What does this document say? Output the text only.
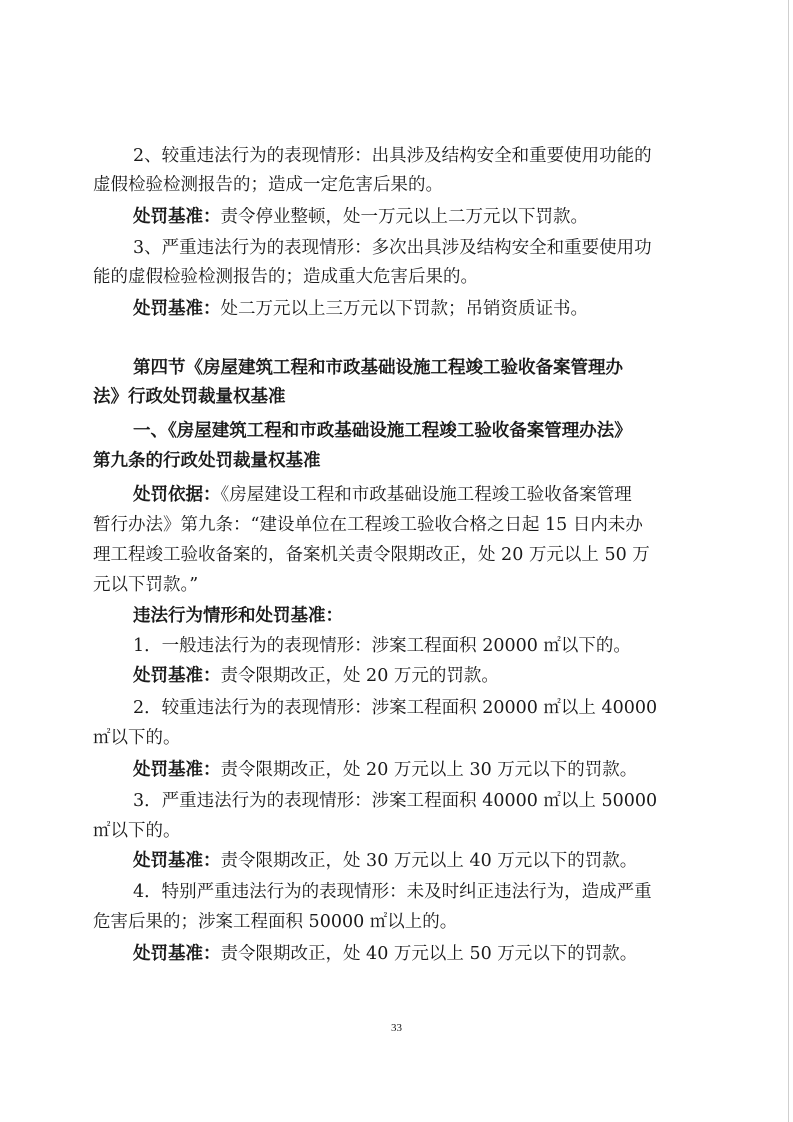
2、较重违法行为的表现情形：出具涉及结构安全和重要使用功能的
虚假检验检测报告的；造成一定危害后果的。
处罚基准：责令停业整顿，处一万元以上二万元以下罚款。
3、严重违法行为的表现情形：多次出具涉及结构安全和重要使用功
能的虚假检验检测报告的；造成重大危害后果的。
处罚基准：处二万元以上三万元以下罚款；吊销资质证书。
第四节《房屋建筑工程和市政基础设施工程竣工验收备案管理办
法》行政处罚裁量权基准
一、《房屋建筑工程和市政基础设施工程竣工验收备案管理办法》
第九条的行政处罚裁量权基准
处罚依据：《房屋建设工程和市政基础设施工程竣工验收备案管理
暂行办法》第九条：“建设单位在工程竣工验收合格之日起 15 日内未办
理工程竣工验收备案的，备案机关责令限期改正，处 20 万元以上 50 万
元以下罚款。”
违法行为情形和处罚基准：
1．一般违法行为的表现情形：涉案工程面积 20000 ㎡以下的。
处罚基准：责令限期改正，处 20 万元的罚款。
2．较重违法行为的表现情形：涉案工程面积 20000 ㎡以上 40000
㎡以下的。
处罚基准：责令限期改正，处 20 万元以上 30 万元以下的罚款。
3．严重违法行为的表现情形：涉案工程面积 40000 ㎡以上 50000
㎡以下的。
处罚基准：责令限期改正，处 30 万元以上 40 万元以下的罚款。
4．特别严重违法行为的表现情形：未及时纠正违法行为，造成严重
危害后果的；涉案工程面积 50000 ㎡以上的。
处罚基准：责令限期改正，处 40 万元以上 50 万元以下的罚款。
33
